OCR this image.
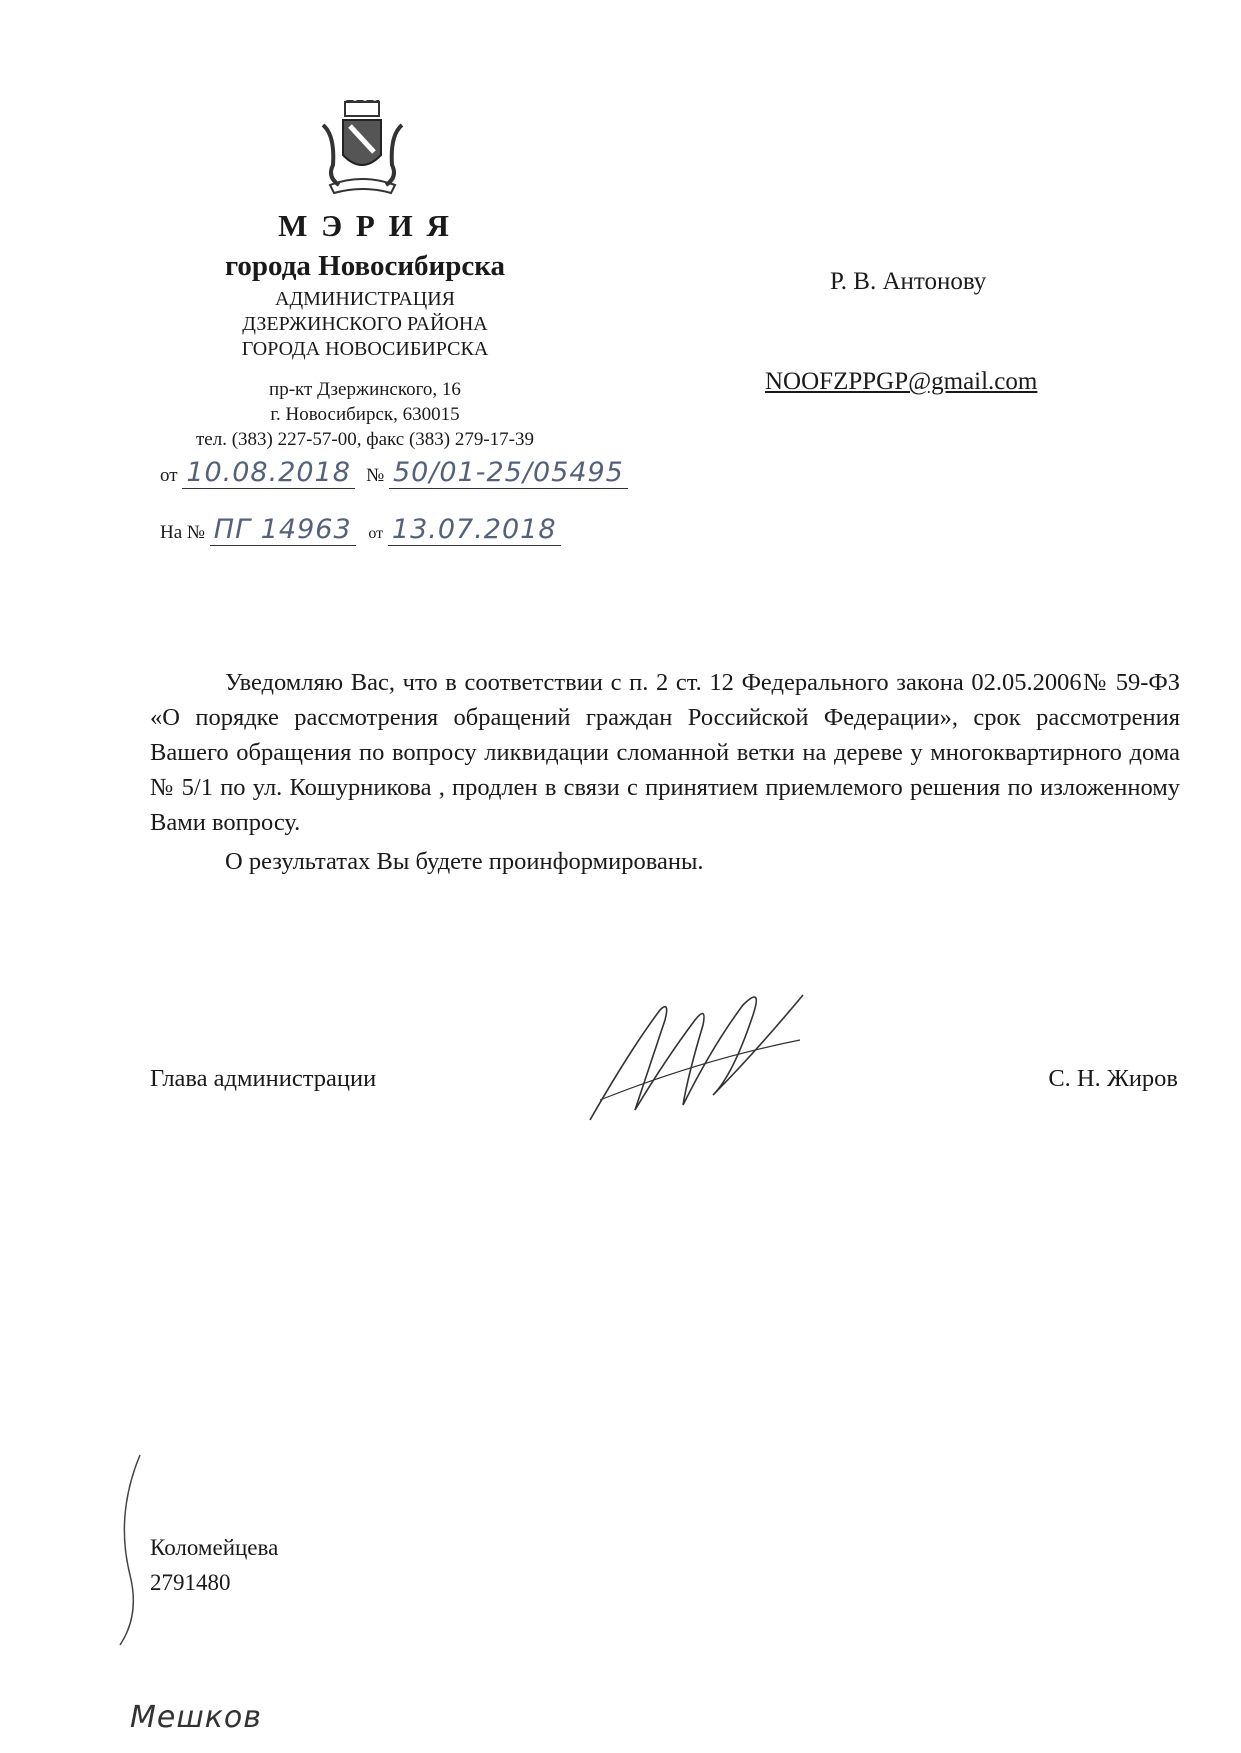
М Э Р И Я
города Новосибирска
АДМИНИСТРАЦИЯ
ДЗЕРЖИНСКОГО РАЙОНА
ГОРОДА НОВОСИБИРСКА
пр-кт Дзержинского, 16
г. Новосибирск, 630015
тел. (383) 227-57-00, факс (383) 279-17-39
от 10.08.2018 № 50/01-25/05495
На № ПГ 14963 от 13.07.2018
Р. В. Антонову
NOOFZPPGP@gmail.com

Уведомляю Вас, что в соответствии с п. 2 ст. 12 Федерального закона 02.05.2006№ 59-ФЗ «О порядке рассмотрения обращений граждан Российской Федерации», срок рассмотрения Вашего обращения по вопросу ликвидации сломанной ветки на дереве у многоквартирного дома № 5/1 по ул. Кошурникова , продлен в связи с принятием приемлемого решения по изложенному Вами вопросу.

О результатах Вы будете проинформированы.

Глава администрации	С. Н. Жиров
Коломейцева
2791480
Мешков
